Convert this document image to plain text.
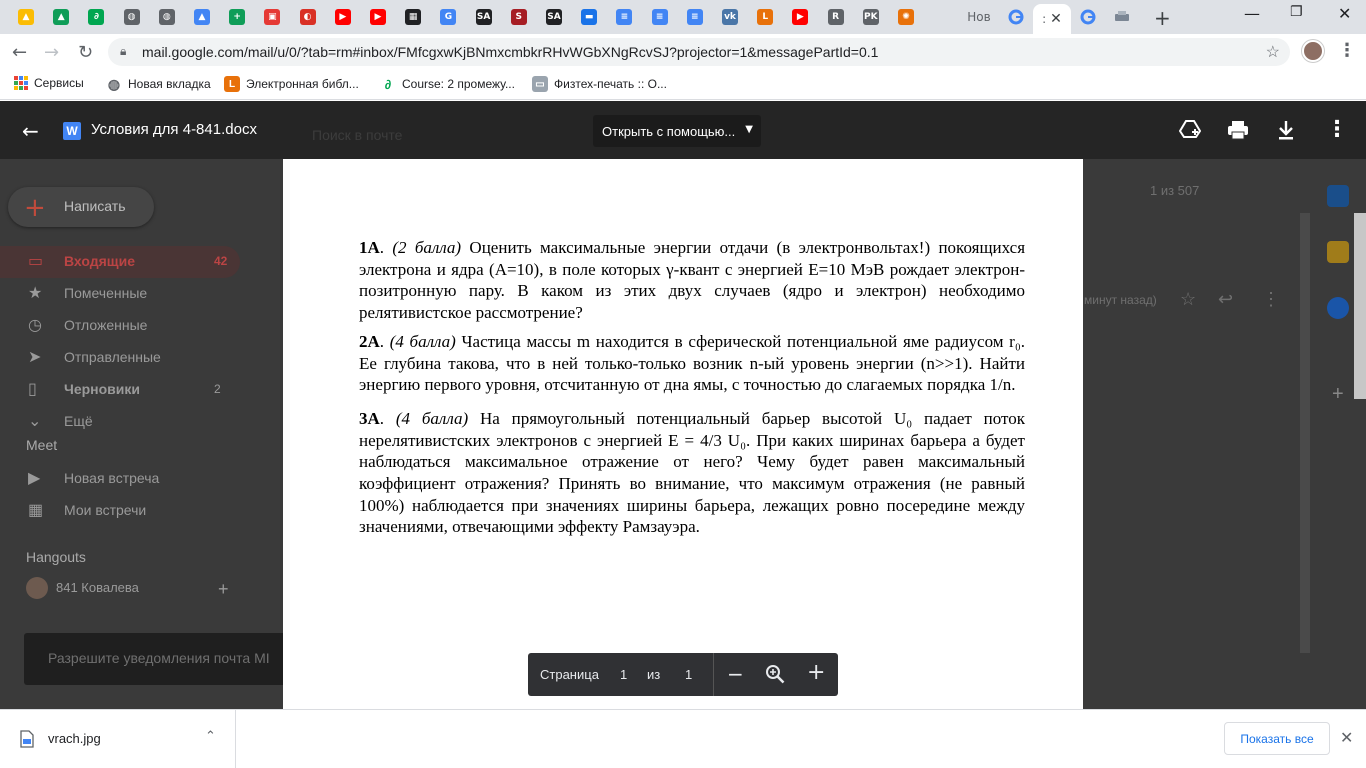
▲	▲	∂	◍	◍	▲	+	▣	◐	▶	▶	▦	G	SA	S	SA	▬	≡	≡	≡	vk	L	▶	R	PK	✺	Нов	: ✕	+	— ❐ ✕
← → ↻ 🔒︎ mail.google.com/mail/u/0/?tab=rm#inbox/FMfcgxwKjBNmxcmbkrRHvWGbXNgRcvSJ?projector=1&messagePartId=0.1	☆	⋮
Сервисы ◍ Новая вкладка	L Электронная библ...	∂ Course: 2 промежу...	▭ Физтех-печать :: О...
+ Написать
▭ Входящие	42
★ Помеченные
◷ Отложенные
➤ Отправленные
▯ Черновики	2
⌄ Ещё
Meet
Новая встреча
▶
Мои встречи
▦
Hangouts
841 Ковалева	+
Разрешите уведомления почта MI
1 из 507
минут назад) ☆ ↩ ⋮
+
← W Условия для 4-841.docx	Открыть с помощью... ▼	⋮

1А. (2 балла) Оценить максимальные энергии отдачи (в электронвольтах!) покоящихся электрона и ядра (A=10), в поле которых γ-квант с энергией E=10 МэВ рождает электрон-позитронную пару. В каком из этих двух случаев (ядро и электрон) необходимо релятивистское рассмотрение?

2А. (4 балла) Частица массы m находится в сферической потенциальной яме радиусом r₀. Ее глубина такова, что в ней только-только возник n-ый уровень энергии (n>>1). Найти энергию первого уровня, отсчитанную от дна ямы, с точностью до слагаемых порядка 1/n.

3А. (4 балла) На прямоугольный потенциальный барьер высотой U₀ падает поток нерелятивистских электронов с энергией E = 4/3 U₀. При каких ширинах барьера a будет наблюдаться максимальное отражение от него? Чему будет равен максимальный коэффициент отражения? Принять во внимание, что максимум отражения (не равный 100%) наблюдается при значениях ширины барьера, лежащих ровно посередине между значениями, отвечающими эффекту Рамзауэра.

Страница 1 из 1 −	+
vrach.jpg	⌃	Показать все ✕
